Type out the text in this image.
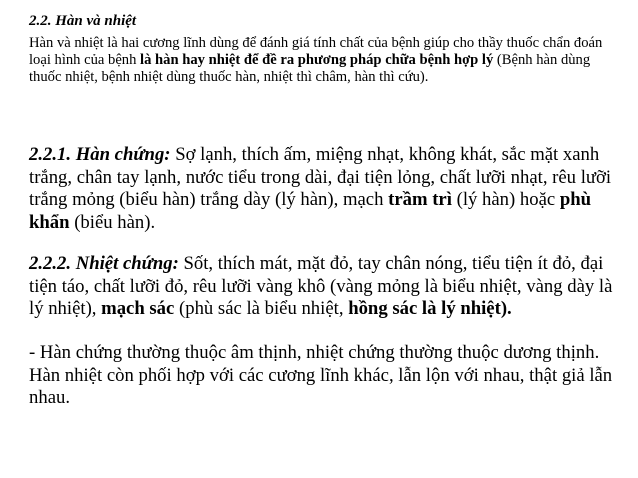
2.2. Hàn và nhiệt

Hàn và nhiệt là hai cương lĩnh dùng để đánh giá tính chất của bệnh giúp cho thầy thuốc chẩn đoán loại hình của bệnh là hàn hay nhiệt để đề ra phương pháp chữa bệnh hợp lý (Bệnh hàn dùng thuốc nhiệt, bệnh nhiệt dùng thuốc hàn, nhiệt thì châm, hàn thì cứu).

2.2.1. Hàn chứng: Sợ lạnh, thích ấm, miệng nhạt, không khát, sắc mặt xanh trắng, chân tay lạnh, nước tiểu trong dài, đại tiện lỏng, chất lưỡi nhạt, rêu lưỡi trắng mỏng (biểu hàn) trắng dày (lý hàn), mạch trầm trì (lý hàn) hoặc phù khẩn (biểu hàn).

2.2.2. Nhiệt chứng: Sốt, thích mát, mặt đỏ, tay chân nóng, tiểu tiện ít đỏ, đại tiện táo, chất lưỡi đỏ, rêu lưỡi vàng khô (vàng mỏng là biểu nhiệt, vàng dày là lý nhiệt), mạch sác (phù sác là biểu nhiệt, hồng sác là lý nhiệt).

- Hàn chứng thường thuộc âm thịnh, nhiệt chứng thường thuộc dương thịnh. Hàn nhiệt còn phối hợp với các cương lĩnh khác, lẫn lộn với nhau, thật giả lẫn nhau.
